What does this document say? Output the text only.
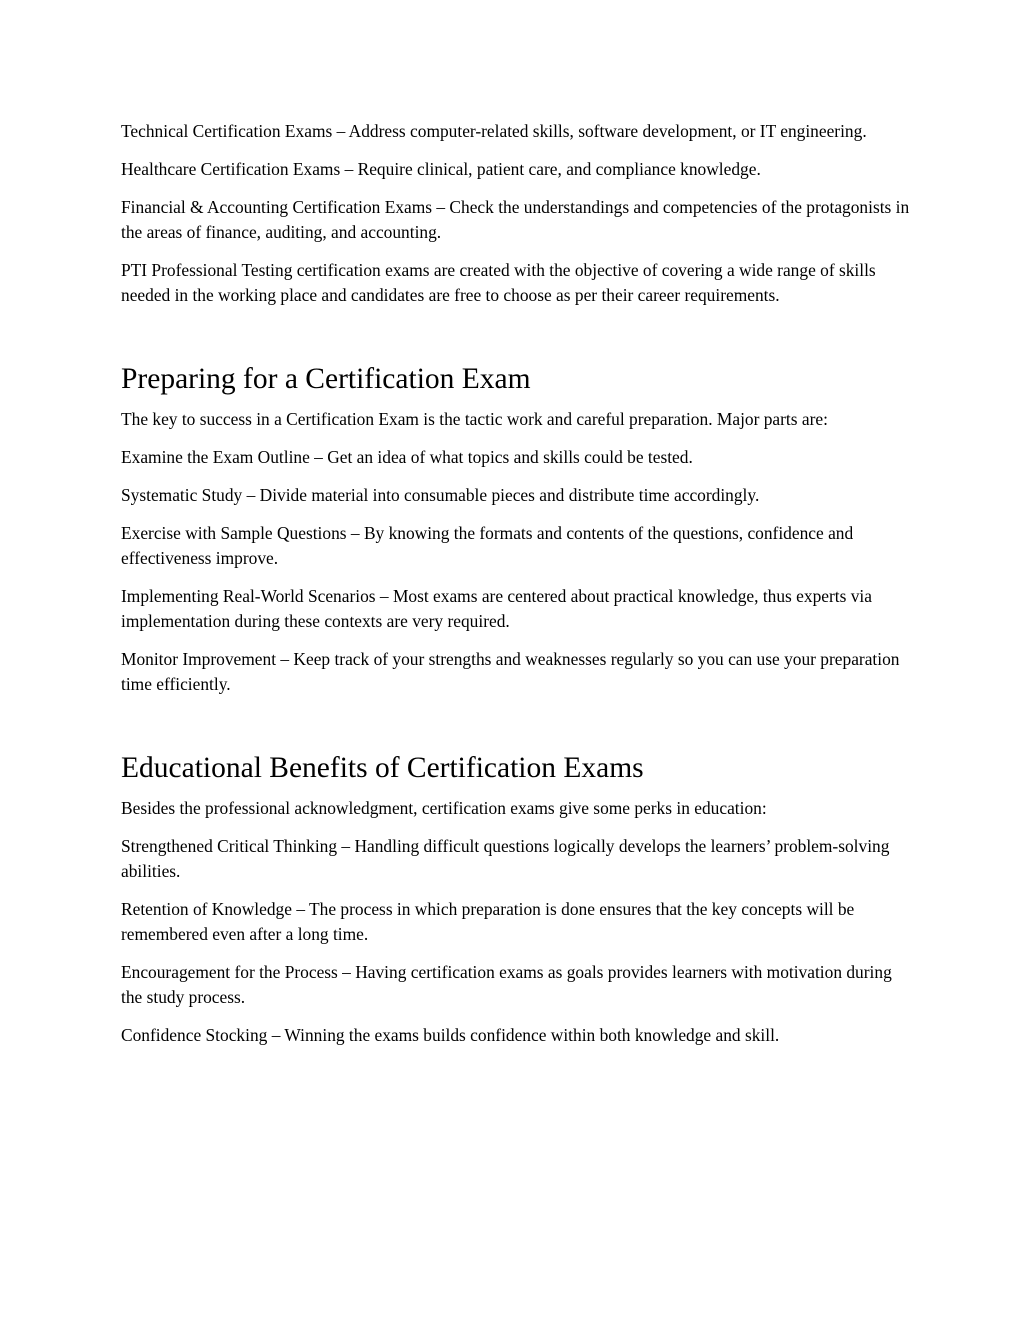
Technical Certification Exams – Address computer-related skills, software development, or IT engineering.

Healthcare Certification Exams – Require clinical, patient care, and compliance knowledge.

Financial & Accounting Certification Exams – Check the understandings and competencies of the protagonists in the areas of finance, auditing, and accounting.

PTI Professional Testing certification exams are created with the objective of covering a wide range of skills needed in the working place and candidates are free to choose as per their career requirements.

Preparing for a Certification Exam

The key to success in a Certification Exam is the tactic work and careful preparation. Major parts are:

Examine the Exam Outline – Get an idea of what topics and skills could be tested.

Systematic Study – Divide material into consumable pieces and distribute time accordingly.

Exercise with Sample Questions – By knowing the formats and contents of the questions, confidence and effectiveness improve.

Implementing Real-World Scenarios – Most exams are centered about practical knowledge, thus experts via implementation during these contexts are very required.

Monitor Improvement – Keep track of your strengths and weaknesses regularly so you can use your preparation time efficiently.

Educational Benefits of Certification Exams

Besides the professional acknowledgment, certification exams give some perks in education:

Strengthened Critical Thinking – Handling difficult questions logically develops the learners’ problem-solving abilities.

Retention of Knowledge – The process in which preparation is done ensures that the key concepts will be remembered even after a long time.

Encouragement for the Process – Having certification exams as goals provides learners with motivation during the study process.

Confidence Stocking – Winning the exams builds confidence within both knowledge and skill.
